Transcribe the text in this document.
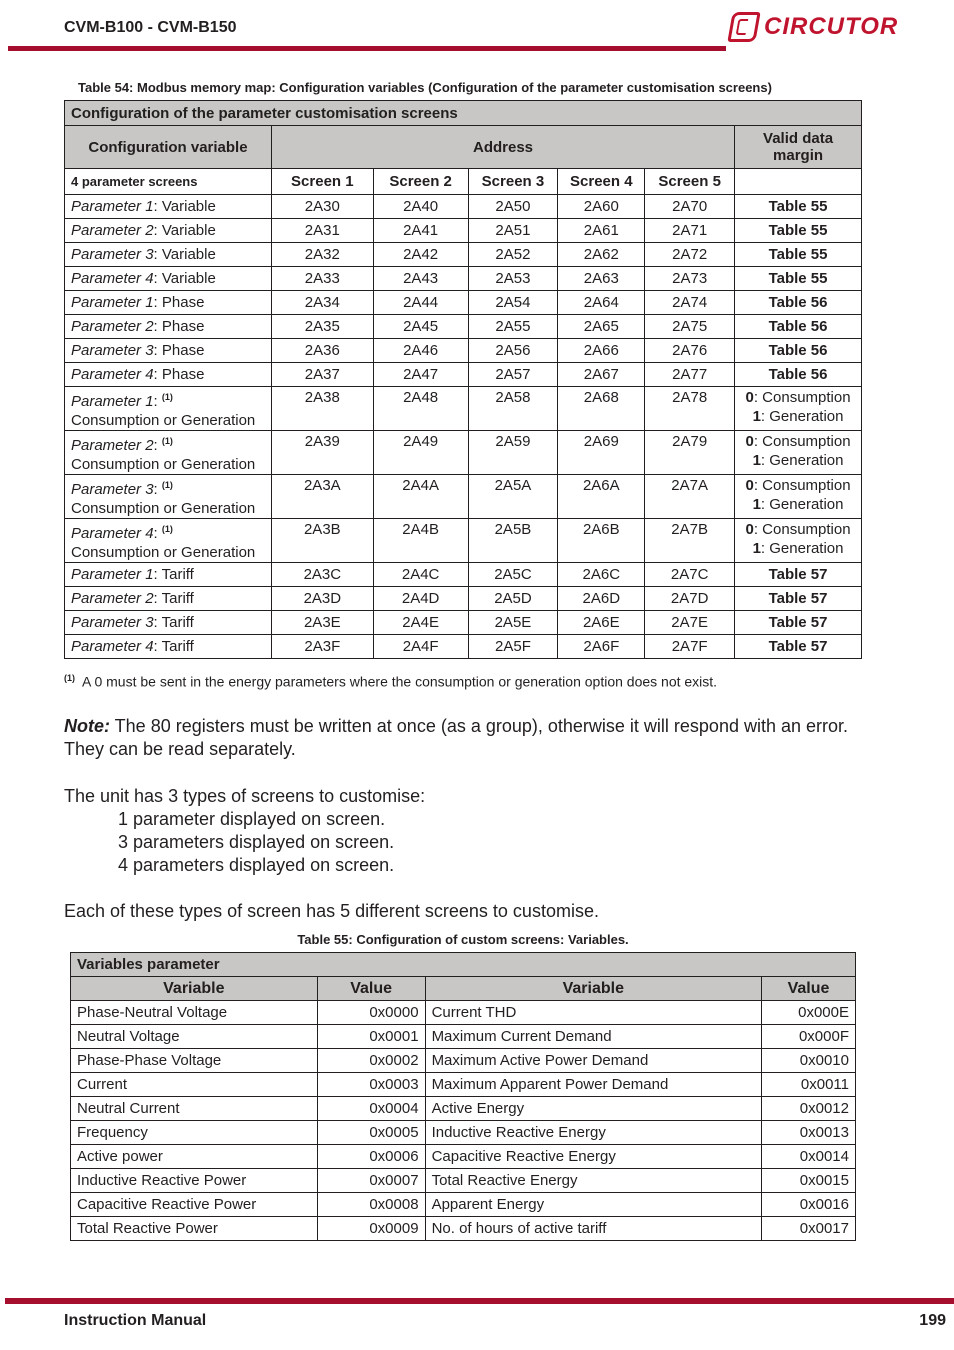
CVM-B100 - CVM-B150	CIRCUTOR
Table 54: Modbus memory map: Configuration variables (Configuration of the parameter customisation screens)
Configuration of the parameter customisation screens						
Configuration variable	Address					Valid data margin
4 parameter screens	Screen 1	Screen 2	Screen 3	Screen 4	Screen 5	
Parameter 1: Variable	2A30	2A40	2A50	2A60	2A70	Table 55
Parameter 2: Variable	2A31	2A41	2A51	2A61	2A71	Table 55
Parameter 3: Variable	2A32	2A42	2A52	2A62	2A72	Table 55
Parameter 4: Variable	2A33	2A43	2A53	2A63	2A73	Table 55
Parameter 1: Phase	2A34	2A44	2A54	2A64	2A74	Table 56
Parameter 2: Phase	2A35	2A45	2A55	2A65	2A75	Table 56
Parameter 3: Phase	2A36	2A46	2A56	2A66	2A76	Table 56
Parameter 4: Phase	2A37	2A47	2A57	2A67	2A77	Table 56
Parameter 1: $^{(1)}$
Consumption or Generation	2A38	2A48	2A58	2A68	2A78	0: Consumption
1: Generation
Parameter 2: $^{(1)}$
Consumption or Generation	2A39	2A49	2A59	2A69	2A79	0: Consumption
1: Generation
Parameter 3: $^{(1)}$
Consumption or Generation	2A3A	2A4A	2A5A	2A6A	2A7A	0: Consumption
1: Generation
Parameter 4: $^{(1)}$
Consumption or Generation	2A3B	2A4B	2A5B	2A6B	2A7B	0: Consumption
1: Generation
Parameter 1: Tariff	2A3C	2A4C	2A5C	2A6C	2A7C	Table 57
Parameter 2: Tariff	2A3D	2A4D	2A5D	2A6D	2A7D	Table 57
Parameter 3: Tariff	2A3E	2A4E	2A5E	2A6E	2A7E	Table 57
Parameter 4: Tariff	2A3F	2A4F	2A5F	2A6F	2A7F	Table 57
$^{(1)}$ A 0 must be sent in the energy parameters where the consumption or generation option does not exist.
Note: The 80 registers must be written at once (as a group), otherwise it will respond with an error. They can be read separately.
The unit has 3 types of screens to customise:
1 parameter displayed on screen.
3 parameters displayed on screen.
4 parameters displayed on screen.
Each of these types of screen has 5 different screens to customise.
Table 55: Configuration of custom screens: Variables.
Variables parameter			
Variable	Value	Variable	Value
Phase-Neutral Voltage	0x0000	Current THD	0x000E
Neutral Voltage	0x0001	Maximum Current Demand	0x000F
Phase-Phase Voltage	0x0002	Maximum Active Power Demand	0x0010
Current	0x0003	Maximum Apparent Power Demand	0x0011
Neutral Current	0x0004	Active Energy	0x0012
Frequency	0x0005	Inductive Reactive Energy	0x0013
Active power	0x0006	Capacitive Reactive Energy	0x0014
Inductive Reactive Power	0x0007	Total Reactive Energy	0x0015
Capacitive Reactive Power	0x0008	Apparent Energy	0x0016
Total Reactive Power	0x0009	No. of hours of active tariff	0x0017
Instruction Manual	199
